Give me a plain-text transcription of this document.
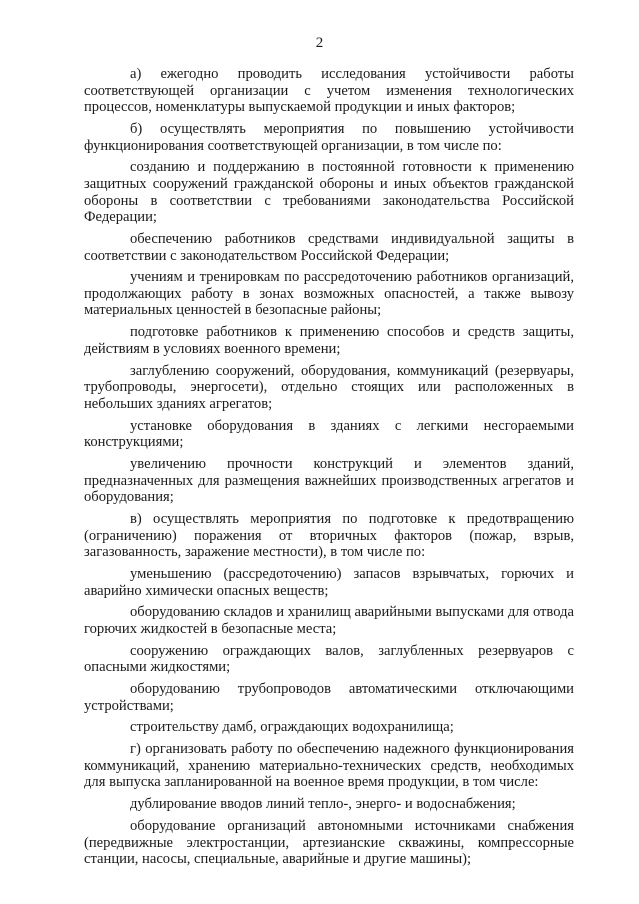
2

а) ежегодно проводить исследования устойчивости работы соответствующей организации с учетом изменения технологических процессов, номенклатуры выпускаемой продукции и иных факторов;

б) осуществлять мероприятия по повышению устойчивости функционирования соответствующей организации, в том числе по:

созданию и поддержанию в постоянной готовности к применению защитных сооружений гражданской обороны и иных объектов гражданской обороны в соответствии с требованиями законодательства Российской Федерации;

обеспечению работников средствами индивидуальной защиты в соответствии с законодательством Российской Федерации;

учениям и тренировкам по рассредоточению работников организаций, продолжающих работу в зонах возможных опасностей, а также вывозу материальных ценностей в безопасные районы;

подготовке работников к применению способов и средств защиты, действиям в условиях военного времени;

заглублению сооружений, оборудования, коммуникаций (резервуары, трубопроводы, энергосети), отдельно стоящих или расположенных в небольших зданиях агрегатов;

установке оборудования в зданиях с легкими несгораемыми конструкциями;

увеличению прочности конструкций и элементов зданий, предназначенных для размещения важнейших производственных агрегатов и оборудования;

в) осуществлять мероприятия по подготовке к предотвращению (ограничению) поражения от вторичных факторов (пожар, взрыв, загазованность, заражение местности), в том числе по:

уменьшению (рассредоточению) запасов взрывчатых, горючих и аварийно химически опасных веществ;

оборудованию складов и хранилищ аварийными выпусками для отвода горючих жидкостей в безопасные места;

сооружению ограждающих валов, заглубленных резервуаров с опасными жидкостями;

оборудованию трубопроводов автоматическими отключающими устройствами;

строительству дамб, ограждающих водохранилища;

г) организовать работу по обеспечению надежного функционирования коммуникаций, хранению материально-технических средств, необходимых для выпуска запланированной на военное время продукции, в том числе:

дублирование вводов линий тепло-, энерго- и водоснабжения;

оборудование организаций автономными источниками снабжения (передвижные электростанции, артезианские скважины, компрессорные станции, насосы, специальные, аварийные и другие машины);
